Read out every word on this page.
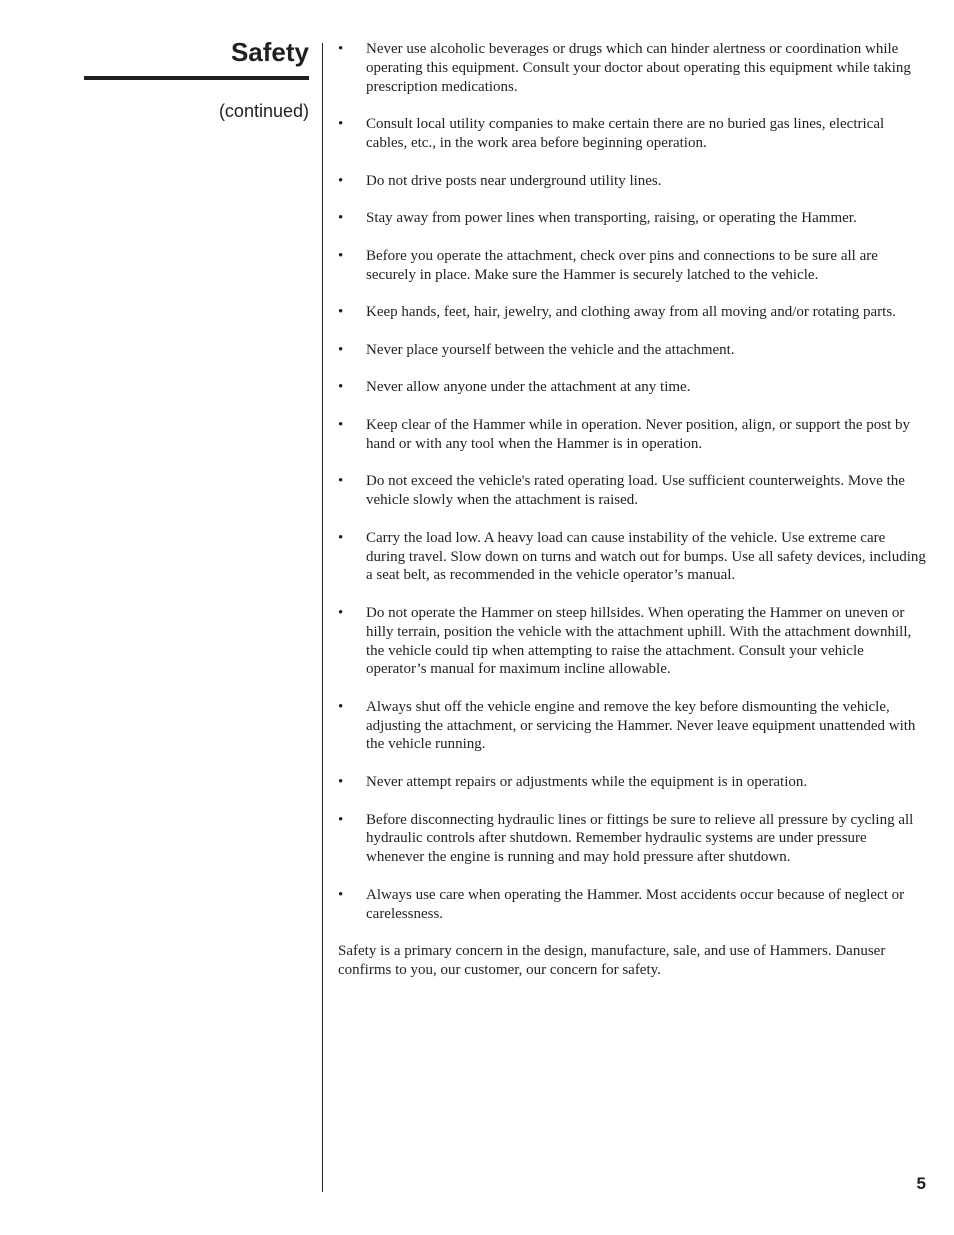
Safety
(continued)
•	Never use alcoholic beverages or drugs which can hinder alertness or coordination while operating this equipment. Consult your doctor about operating this equipment while taking prescription medications.
•	Consult local utility companies to make certain there are no buried gas lines, electrical cables, etc., in the work area before beginning operation.
•	Do not drive posts near underground utility lines.
•	Stay away from power lines when transporting, raising, or operating the Hammer.
•	Before you operate the attachment, check over pins and connections to be sure all are securely in place. Make sure the Hammer is securely latched to the vehicle.
•	Keep hands, feet, hair, jewelry, and clothing away from all moving and/or rotating parts.
•	Never place yourself between the vehicle and the attachment.
•	Never allow anyone under the attachment at any time.
•	Keep clear of the Hammer while in operation. Never position, align, or support the post by hand or with any tool when the Hammer is in operation.
•	Do not exceed the vehicle's rated operating load. Use sufficient counterweights. Move the vehicle slowly when the attachment is raised.
•	Carry the load low. A heavy load can cause instability of the vehicle. Use extreme care during travel. Slow down on turns and watch out for bumps. Use all safety devices, including a seat belt, as recommended in the vehicle operator’s manual.
•	Do not operate the Hammer on steep hillsides. When operating the Hammer on uneven or hilly terrain, position the vehicle with the attachment uphill. With the attachment downhill, the vehicle could tip when attempting to raise the attachment. Consult your vehicle operator’s manual for maximum incline allowable.
•	Always shut off the vehicle engine and remove the key before dismounting the vehicle, adjusting the attachment, or servicing the Hammer. Never leave equipment unattended with the vehicle running.
•	Never attempt repairs or adjustments while the equipment is in operation.
•	Before disconnecting hydraulic lines or fittings be sure to relieve all pressure by cycling all hydraulic controls after shutdown. Remember hydraulic systems are under pressure whenever the engine is running and may hold pressure after shutdown.
•	Always use care when operating the Hammer. Most accidents occur because of neglect or carelessness.

Safety is a primary concern in the design, manufacture, sale, and use of Hammers. Danuser confirms to you, our customer, our concern for safety.

5
